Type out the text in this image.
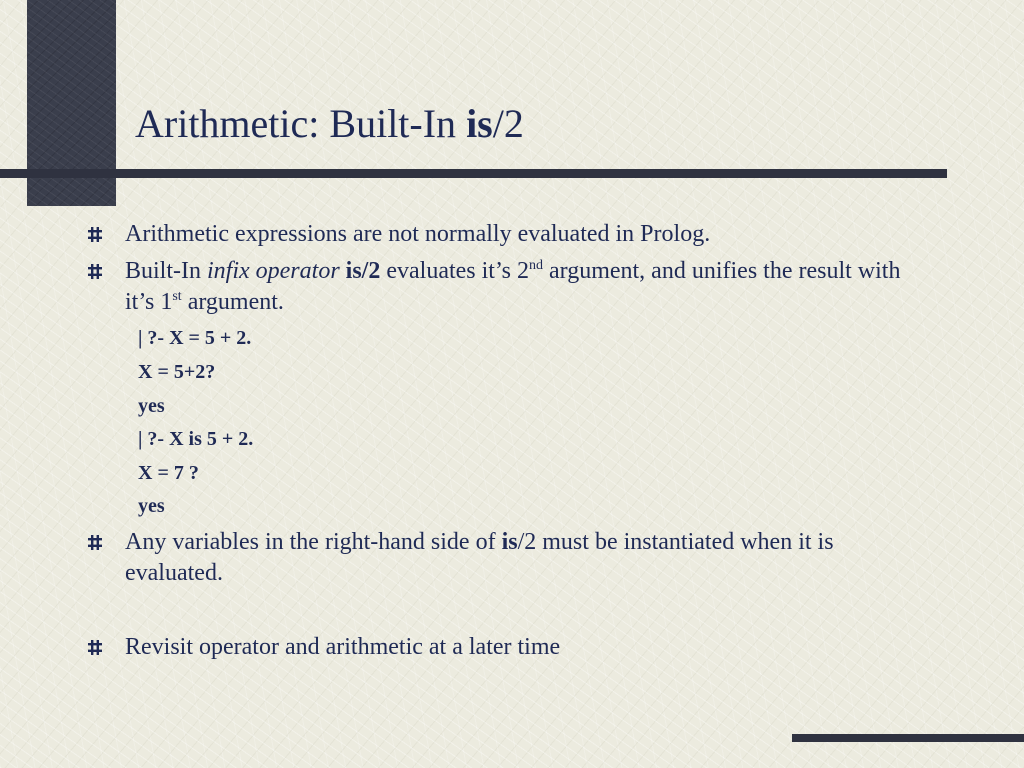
Arithmetic: Built-In is/2
Arithmetic expressions are not normally evaluated in Prolog.
Built-In infix operator is/2 evaluates it’s 2nd argument, and unifies the result with it’s 1st argument.
| ?- X = 5 + 2.
X = 5+2?
yes
| ?- X is 5 + 2.
X = 7 ?
yes
Any variables in the right-hand side of is/2 must be instantiated when it is evaluated.
Revisit operator and arithmetic at a later time
